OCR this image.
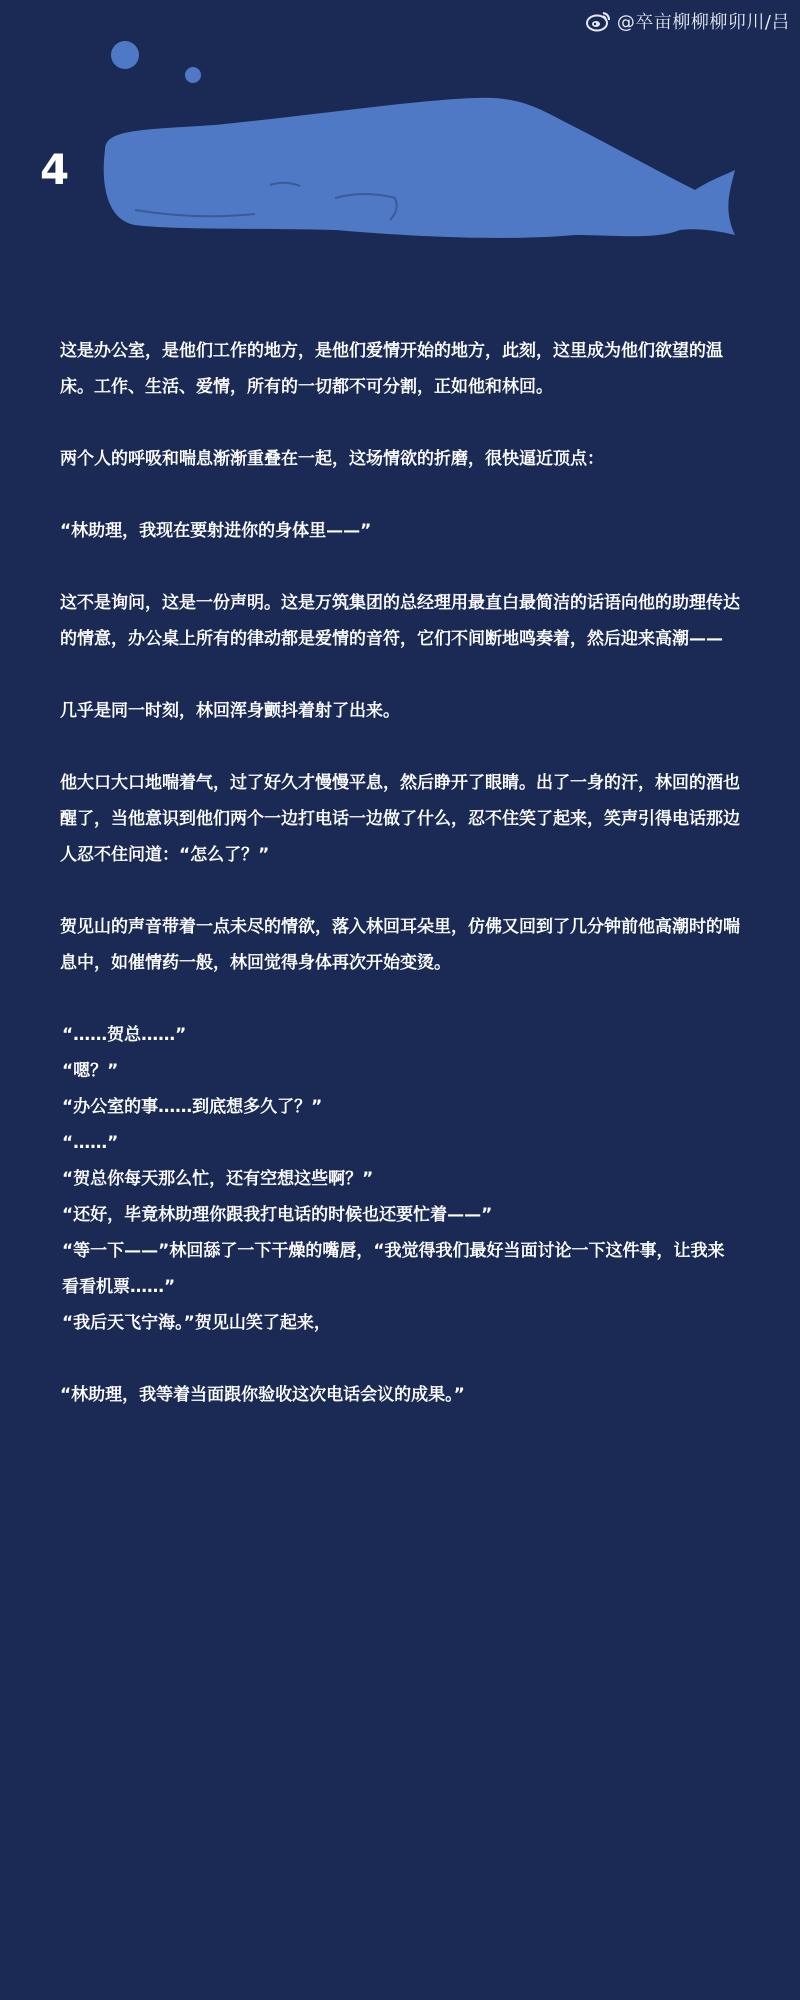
@卒亩柳柳柳卯川/吕
4

这是办公室，是他们工作的地方，是他们爱情开始的地方，此刻，这里成为他们欲望的温床。工作、生活、爱情，所有的一切都不可分割，正如他和林回。

两个人的呼吸和喘息渐渐重叠在一起，这场情欲的折磨，很快逼近顶点：

“林助理，我现在要射进你的身体里——”

这不是询问，这是一份声明。这是万筑集团的总经理用最直白最简洁的话语向他的助理传达的情意，办公桌上所有的律动都是爱情的音符，它们不间断地鸣奏着，然后迎来高潮——

几乎是同一时刻，林回浑身颤抖着射了出来。

他大口大口地喘着气，过了好久才慢慢平息，然后睁开了眼睛。出了一身的汗，林回的酒也醒了，当他意识到他们两个一边打电话一边做了什么，忍不住笑了起来，笑声引得电话那边人忍不住问道：“怎么了？”

贺见山的声音带着一点未尽的情欲，落入林回耳朵里，仿佛又回到了几分钟前他高潮时的喘息中，如催情药一般，林回觉得身体再次开始变烫。

“……贺总……”

“嗯？”

“办公室的事……到底想多久了？”

“……”

“贺总你每天那么忙，还有空想这些啊？”

“还好，毕竟林助理你跟我打电话的时候也还要忙着——”

“等一下——”林回舔了一下干燥的嘴唇，“我觉得我们最好当面讨论一下这件事，让我来看看机票……”

“我后天飞宁海。”贺见山笑了起来，

“林助理，我等着当面跟你验收这次电话会议的成果。”
